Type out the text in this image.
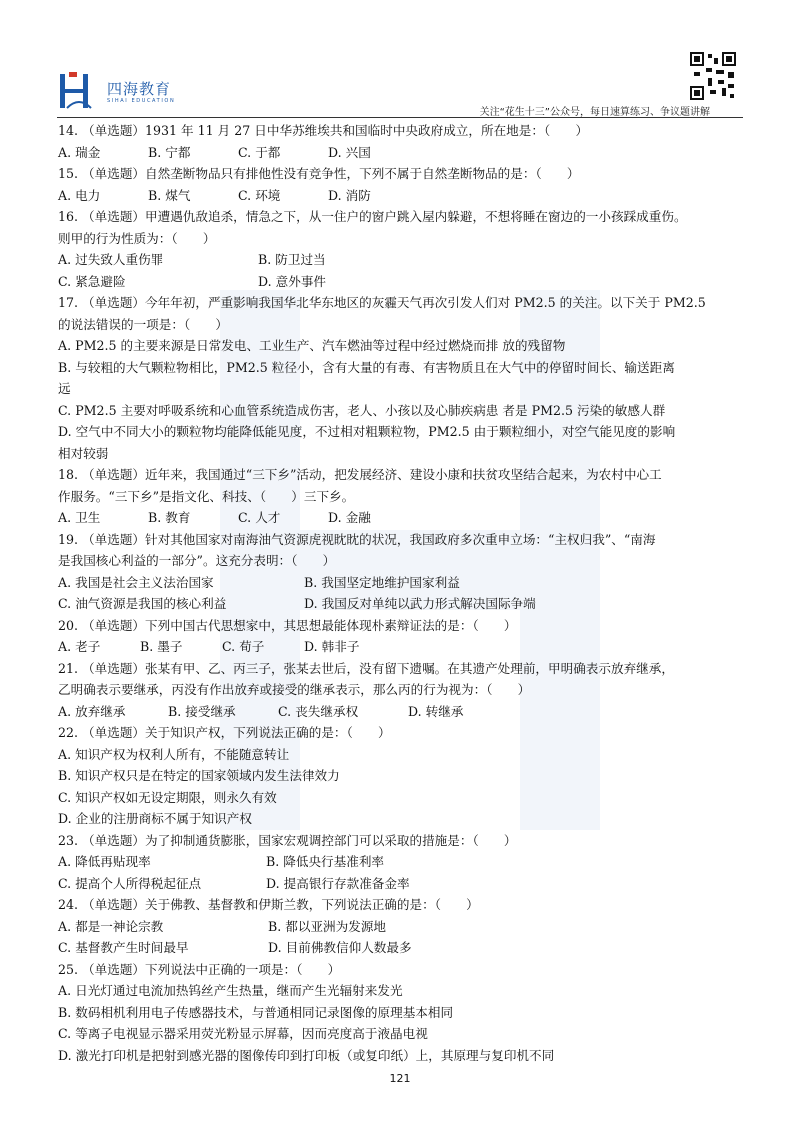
四海教育
SIHAI EDUCATION
关注“花生十三”公众号，每日速算练习、争议题讲解
14. （单选题）1931 年 11 月 27 日中华苏维埃共和国临时中央政府成立，所在地是：（　　）
A. 瑞金	B. 宁都	C. 于都	D. 兴国
15. （单选题）自然垄断物品只有排他性没有竞争性，下列不属于自然垄断物品的是：（　　）
A. 电力	B. 煤气	C. 环境	D. 消防
16. （单选题）甲遭遇仇敌追杀，情急之下，从一住户的窗户跳入屋内躲避，不想将睡在窗边的一小孩踩成重伤。
则甲的行为性质为：（　　）
A. 过失致人重伤罪	B. 防卫过当
C. 紧急避险	D. 意外事件
17. （单选题）今年年初，严重影响我国华北华东地区的灰霾天气再次引发人们对 PM2.5 的关注。以下关于 PM2.5
的说法错误的一项是：（　　）
A. PM2.5 的主要来源是日常发电、工业生产、汽车燃油等过程中经过燃烧而排 放的残留物
B. 与较粗的大气颗粒物相比，PM2.5 粒径小，含有大量的有毒、有害物质且在大气中的停留时间长、输送距离
远
C. PM2.5 主要对呼吸系统和心血管系统造成伤害，老人、小孩以及心肺疾病患 者是 PM2.5 污染的敏感人群
D. 空气中不同大小的颗粒物均能降低能见度，不过相对粗颗粒物，PM2.5 由于颗粒细小，对空气能见度的影响
相对较弱
18. （单选题）近年来，我国通过“三下乡”活动，把发展经济、建设小康和扶贫攻坚结合起来，为农村中心工
作服务。“三下乡”是指文化、科技、（　　）三下乡。
A. 卫生	B. 教育	C. 人才	D. 金融
19. （单选题）针对其他国家对南海油气资源虎视眈眈的状况，我国政府多次重申立场：“主权归我”、“南海
是我国核心利益的一部分”。这充分表明：（　　）
A. 我国是社会主义法治国家	B. 我国坚定地维护国家利益
C. 油气资源是我国的核心利益	D. 我国反对单纯以武力形式解决国际争端
20. （单选题）下列中国古代思想家中，其思想最能体现朴素辩证法的是：（　　）
A. 老子	B. 墨子	C. 荀子	D. 韩非子
21. （单选题）张某有甲、乙、丙三子，张某去世后，没有留下遗嘱。在其遗产处理前，甲明确表示放弃继承，
乙明确表示要继承，丙没有作出放弃或接受的继承表示，那么丙的行为视为：（　　）
A. 放弃继承	B. 接受继承	C. 丧失继承权	D. 转继承
22. （单选题）关于知识产权，下列说法正确的是：（　　）
A. 知识产权为权利人所有，不能随意转让
B. 知识产权只是在特定的国家领域内发生法律效力
C. 知识产权如无设定期限，则永久有效
D. 企业的注册商标不属于知识产权
23. （单选题）为了抑制通货膨胀，国家宏观调控部门可以采取的措施是：（　　）
A. 降低再贴现率	B. 降低央行基准利率
C. 提高个人所得税起征点	D. 提高银行存款准备金率
24. （单选题）关于佛教、基督教和伊斯兰教，下列说法正确的是：（　　）
A. 都是一神论宗教	B. 都以亚洲为发源地
C. 基督教产生时间最早	D. 目前佛教信仰人数最多
25. （单选题）下列说法中正确的一项是：（　　）
A. 日光灯通过电流加热钨丝产生热量，继而产生光辐射来发光
B. 数码相机利用电子传感器技术，与普通相同记录图像的原理基本相同
C. 等离子电视显示器采用荧光粉显示屏幕，因而亮度高于液晶电视
D. 激光打印机是把射到感光器的图像传印到打印板（或复印纸）上，其原理与复印机不同
121
